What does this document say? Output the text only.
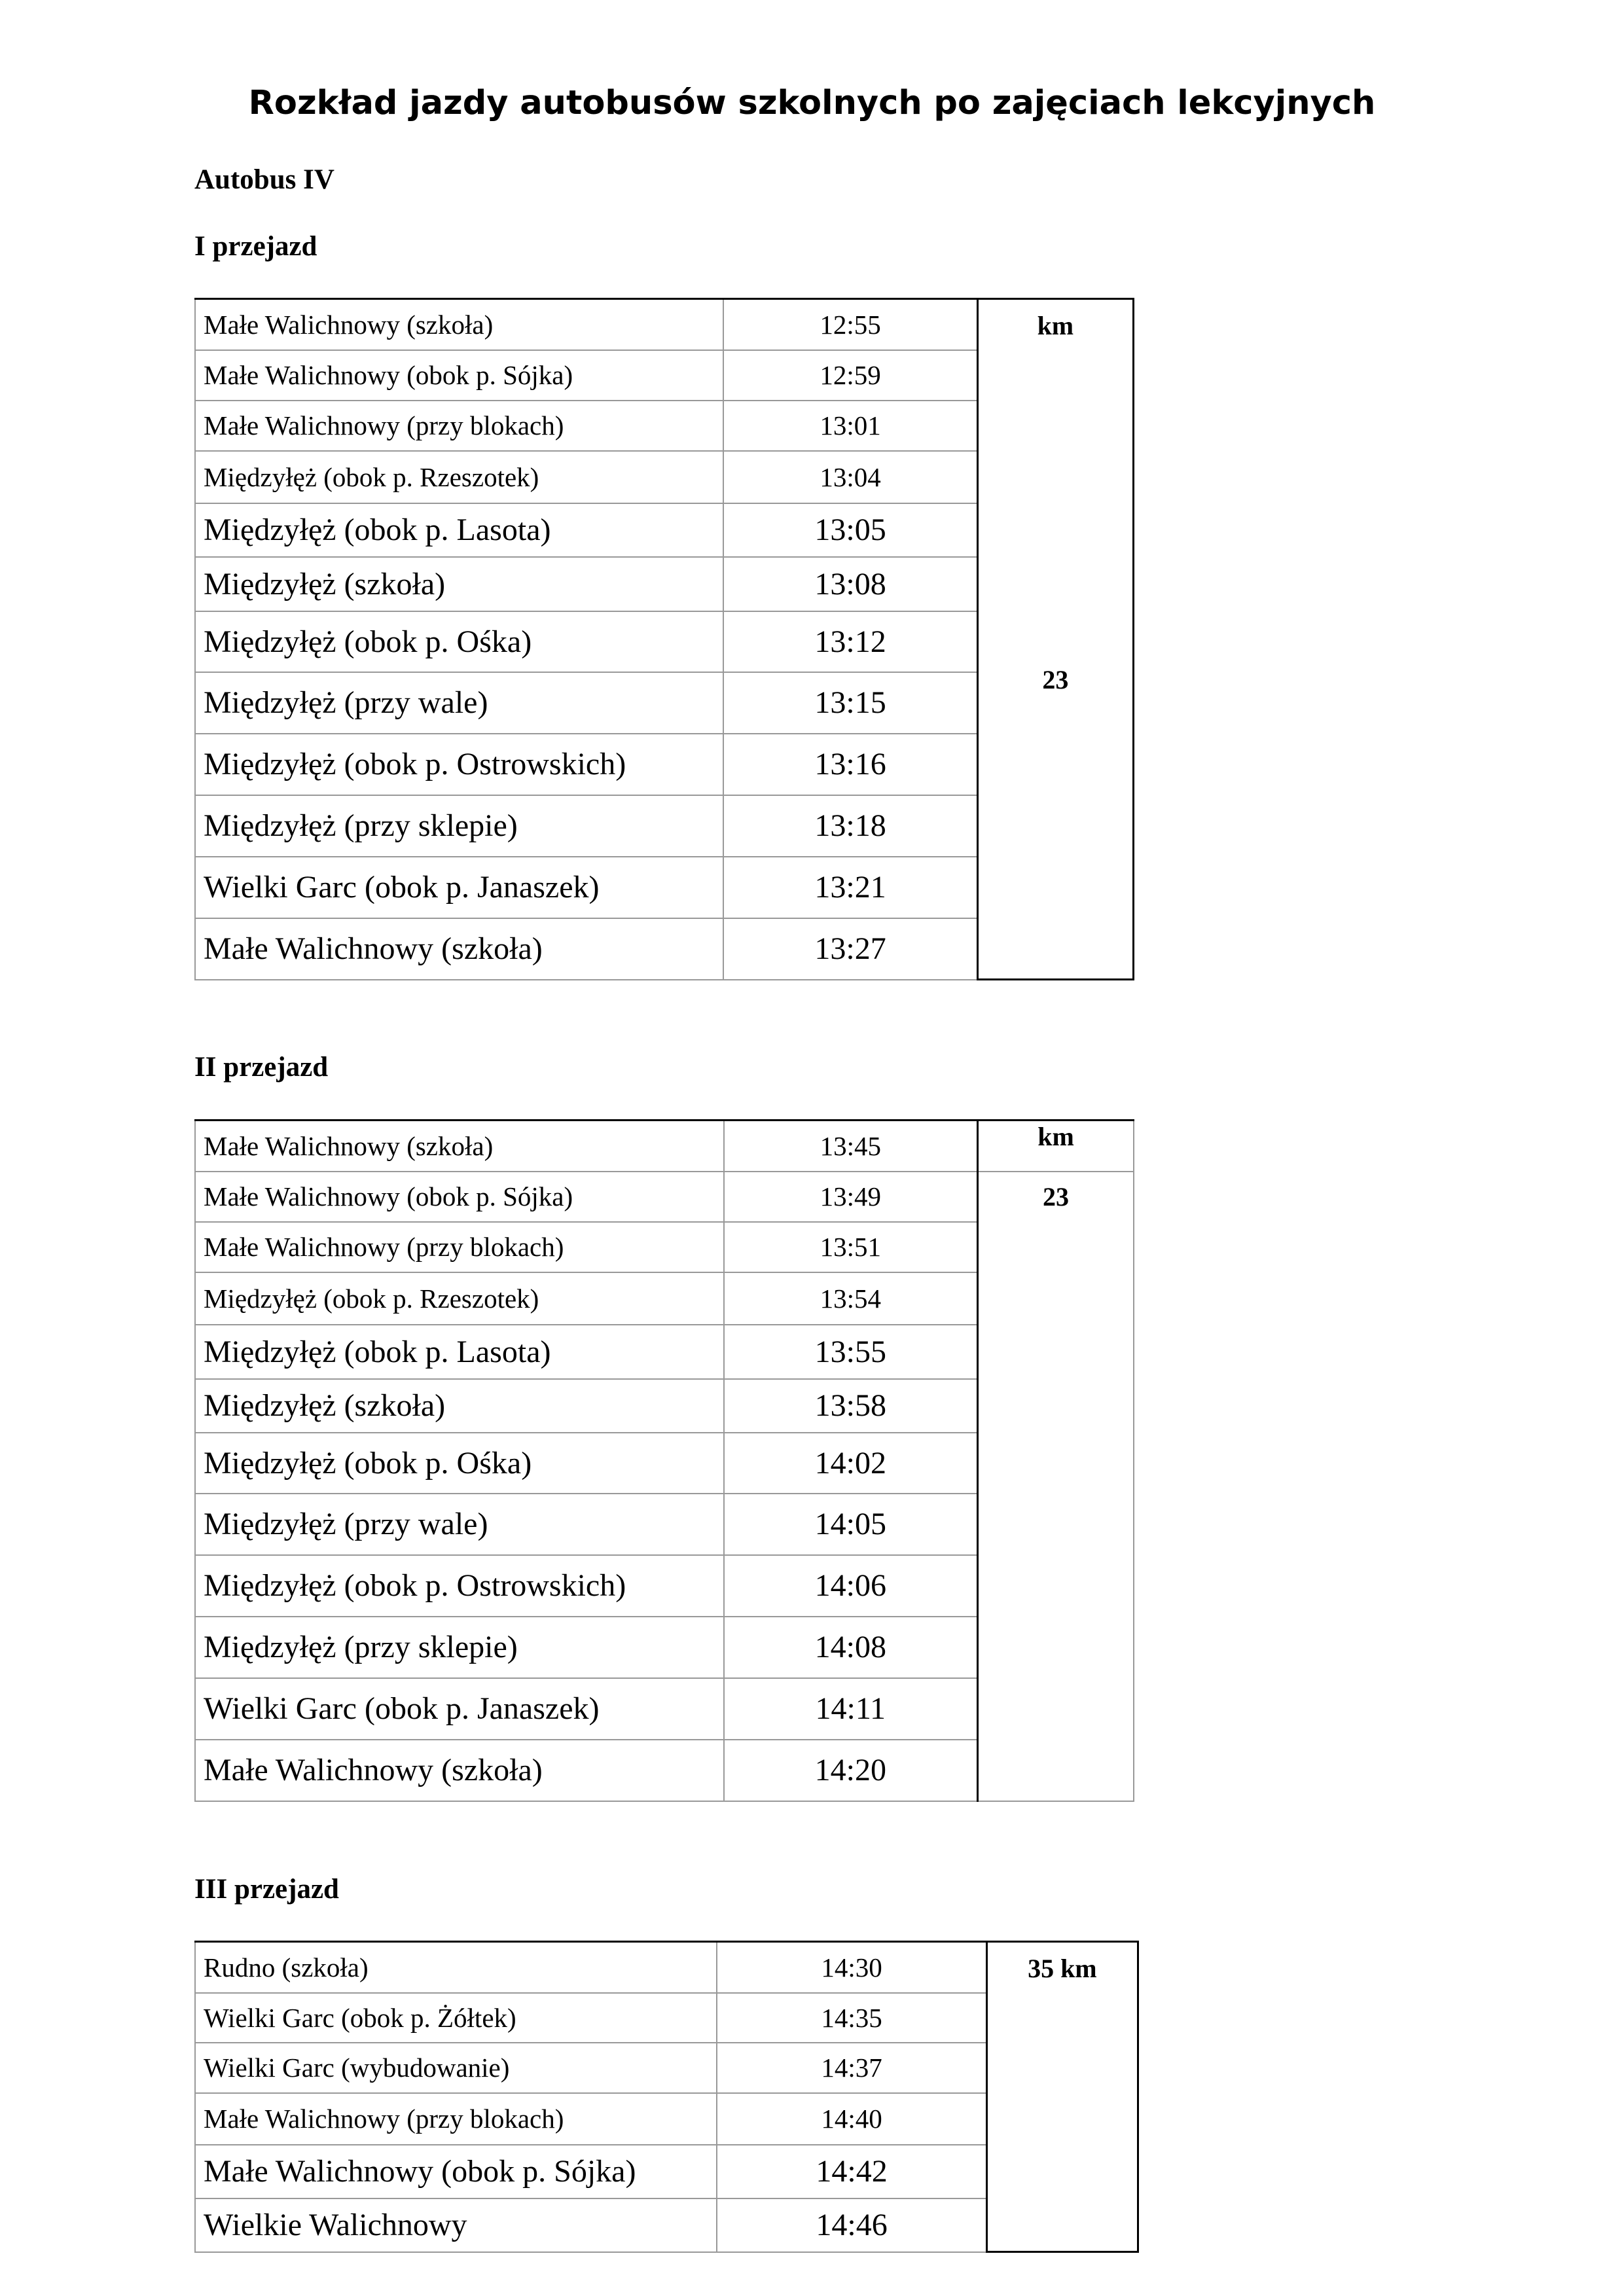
Rozkład jazdy autobusów szkolnych po zajęciach lekcyjnych

Autobus IV

I przejazd

Małe Walichnowy (szkoła)	12:55	km
23

Małe Walichnowy (obok p. Sójka)	12:59	
Małe Walichnowy (przy blokach)	13:01	
Międzyłęż (obok p. Rzeszotek)	13:04	
Międzyłęż (obok p. Lasota)	13:05	
Międzyłęż (szkoła)	13:08	
Międzyłęż (obok p. Ośka)	13:12	
Międzyłęż (przy wale)	13:15	
Międzyłęż (obok p. Ostrowskich)	13:16	
Międzyłęż (przy sklepie)	13:18	
Wielki Garc (obok p. Janaszek)	13:21	
Małe Walichnowy (szkoła)	13:27	

II przejazd

Małe Walichnowy (szkoła)	13:45	km

Małe Walichnowy (obok p. Sójka)	13:49	23

Małe Walichnowy (przy blokach)	13:51	
Międzyłęż (obok p. Rzeszotek)	13:54	
Międzyłęż (obok p. Lasota)	13:55	
Międzyłęż (szkoła)	13:58	
Międzyłęż (obok p. Ośka)	14:02	
Międzyłęż (przy wale)	14:05	
Międzyłęż (obok p. Ostrowskich)	14:06	
Międzyłęż (przy sklepie)	14:08	
Wielki Garc (obok p. Janaszek)	14:11	
Małe Walichnowy (szkoła)	14:20	

III przejazd

Rudno (szkoła)	14:30	35 km

Wielki Garc (obok p. Żółtek)	14:35	
Wielki Garc (wybudowanie)	14:37	
Małe Walichnowy (przy blokach)	14:40	
Małe Walichnowy (obok p. Sójka)	14:42	
Wielkie Walichnowy	14:46	
